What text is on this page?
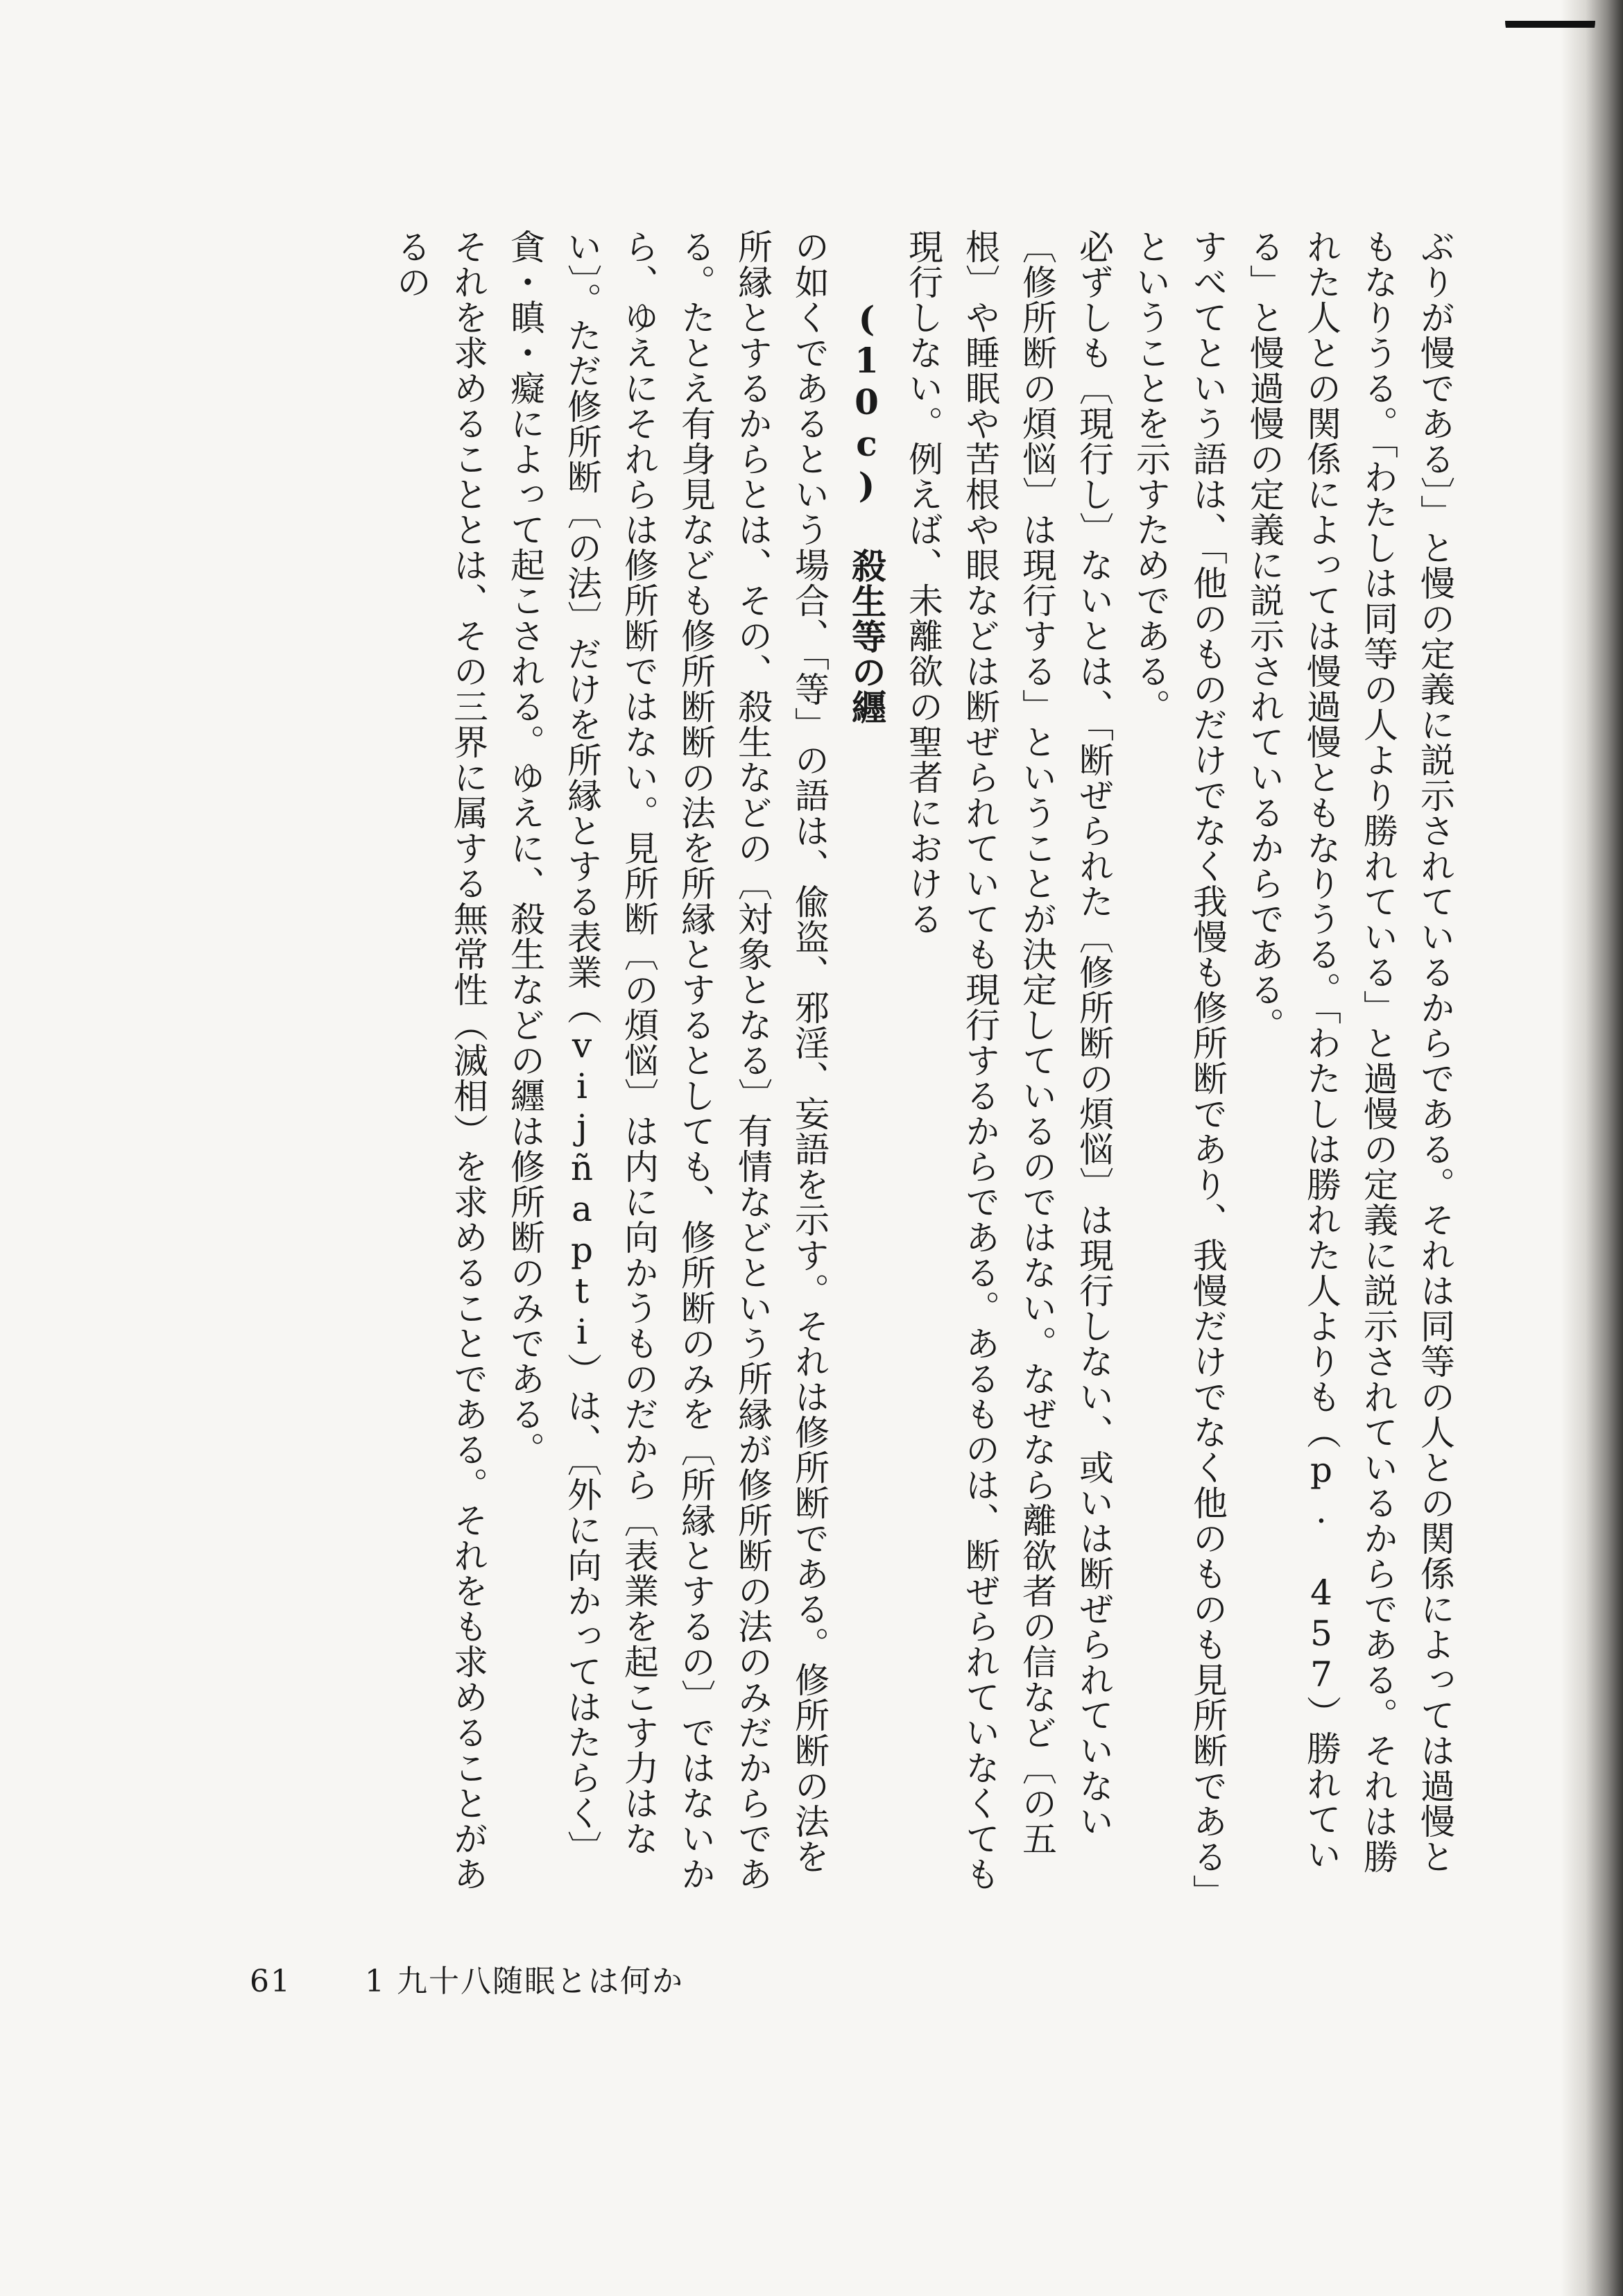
ぶりが慢である〕」と慢の定義に説示されているからである。それは同等の人との関係によっては過慢ともなりうる。「わたしは同等の人より勝れている」と過慢の定義に説示されているからである。それは勝れた人との関係によっては慢過慢ともなりうる。「わたしは勝れた人よりも（p. 457）勝れている」と慢過慢の定義に説示されているからである。

すべてという語は、「他のものだけでなく我慢も修所断であり、我慢だけでなく他のものも見所断である」ということを示すためである。

必ずしも〔現行し〕ないとは、「断ぜられた〔修所断の煩悩〕は現行しない、或いは断ぜられていない〔修所断の煩悩〕は現行する」ということが決定しているのではない。なぜなら離欲者の信など〔の五根〕や睡眠や苦根や眼などは断ぜられていても現行するからである。あるものは、断ぜられていなくても現行しない。例えば、未離欲の聖者における

(10c) 殺生等の纒

の如くであるという場合、「等」の語は、偸盗、邪淫、妄語を示す。それは修所断である。修所断の法を所縁とするからとは、その、殺生などの〔対象となる〕有情などという所縁が修所断の法のみだからである。たとえ有身見なども修所断断の法を所縁とするとしても、修所断のみを〔所縁とするの〕ではないから、ゆえにそれらは修所断ではない。見所断〔の煩悩〕は内に向かうものだから〔表業を起こす力はない〕。ただ修所断〔の法〕だけを所縁とする表業（vijñapti）は、〔外に向かってはたらく〕貪・瞋・癡によって起こされる。ゆえに、殺生などの纒は修所断のみである。

それを求めることとは、その三界に属する無常性（滅相）を求めることである。それをも求めることがあるの

61 1 九十八随眠とは何か
